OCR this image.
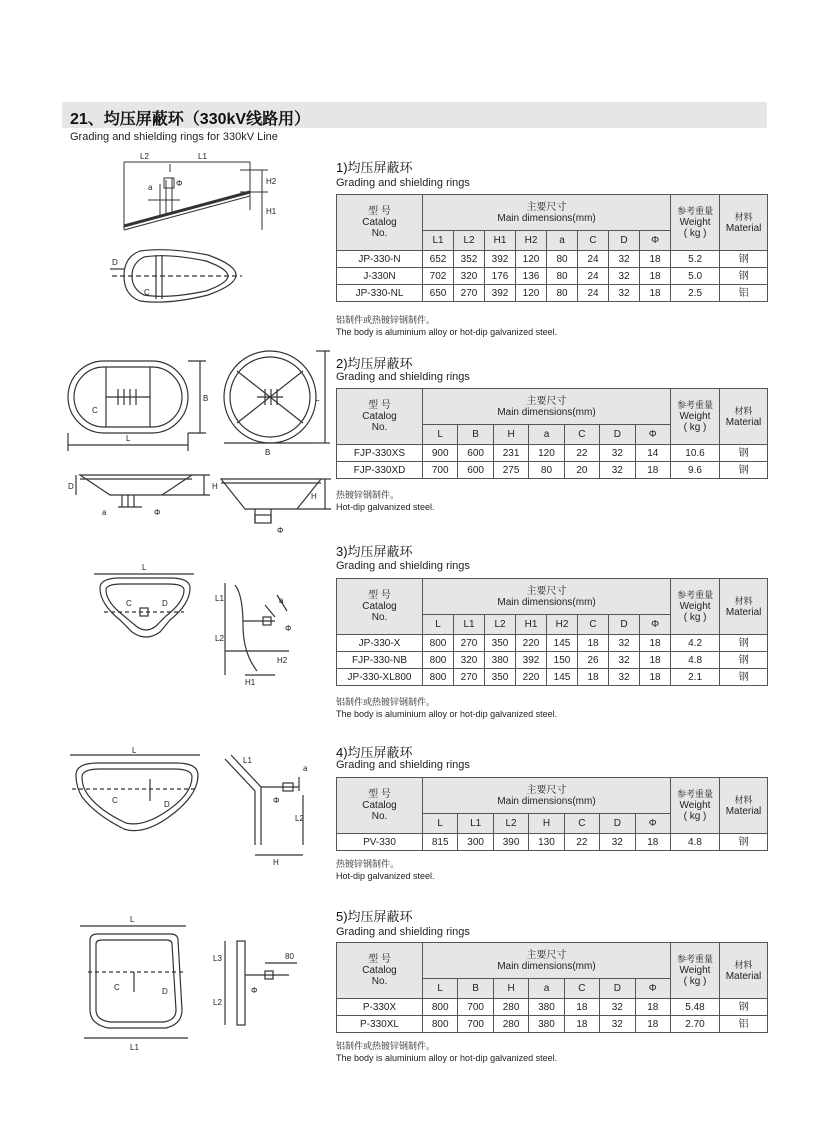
21、均压屏蔽环（330kV线路用）
Grading and shielding rings for 330kV Line
1)均压屏蔽环
Grading and shielding rings
型 号
Catalog
No.	主要尺寸
Main dimensions(mm)								参考重量
Weight
( kg )	材料
Material
	L1	L2	H1	H2	a	C	D	Φ		
JP-330-N	652	352	392	120	80	24	32	18	5.2	钢
J-330N	702	320	176	136	80	24	32	18	5.0	钢
JP-330-NL	650	270	392	120	80	24	32	18	2.5	铝
铝制件或热镀锌钢制件。
The body is aluminium alloy or hot-dip galvanized steel.
2)均压屏蔽环
Grading and shielding rings
型 号
Catalog
No.	主要尺寸
Main dimensions(mm)							参考重量
Weight
( kg )	材料
Material
	L	B	H	a	C	D	Φ		
FJP-330XS	900	600	231	120	22	32	14	10.6	钢
FJP-330XD	700	600	275	80	20	32	18	9.6	钢
热镀锌钢制件。
Hot-dip galvanized steel.
3)均压屏蔽环
Grading and shielding rings
型 号
Catalog
No.	主要尺寸
Main dimensions(mm)								参考重量
Weight
( kg )	材料
Material
	L	L1	L2	H1	H2	C	D	Φ		
JP-330-X	800	270	350	220	145	18	32	18	4.2	钢
FJP-330-NB	800	320	380	392	150	26	32	18	4.8	钢
JP-330-XL800	800	270	350	220	145	18	32	18	2.1	钢
铝制件或热镀锌钢制件。
The body is aluminium alloy or hot-dip galvanized steel.
4)均压屏蔽环
Grading and shielding rings
型 号
Catalog
No.	主要尺寸
Main dimensions(mm)							参考重量
Weight
( kg )	材料
Material
	L	L1	L2	H	C	D	Φ		
PV-330	815	300	390	130	22	32	18	4.8	钢
热镀锌钢制件。
Hot-dip galvanized steel.
5)均压屏蔽环
Grading and shielding rings
型 号
Catalog
No.	主要尺寸
Main dimensions(mm)							参考重量
Weight
( kg )	材料
Material
	L	B	H	a	C	D	Φ		
P-330X	800	700	280	380	18	32	18	5.48	钢
P-330XL	800	700	280	380	18	32	18	2.70	铝
铝制件或热镀锌钢制件。
The body is aluminium alloy or hot-dip galvanized steel.
L2	L1
a	Φ	H2
H1
D
C
L
C
B
B
L
D
a	Φ
H
Φ
H
L
C	D
L1
L2
a
Φ
H2
H1
L
C	D
L1
a
Φ
L2
H
L
C	D
L1
L3
L2
80
Φ
